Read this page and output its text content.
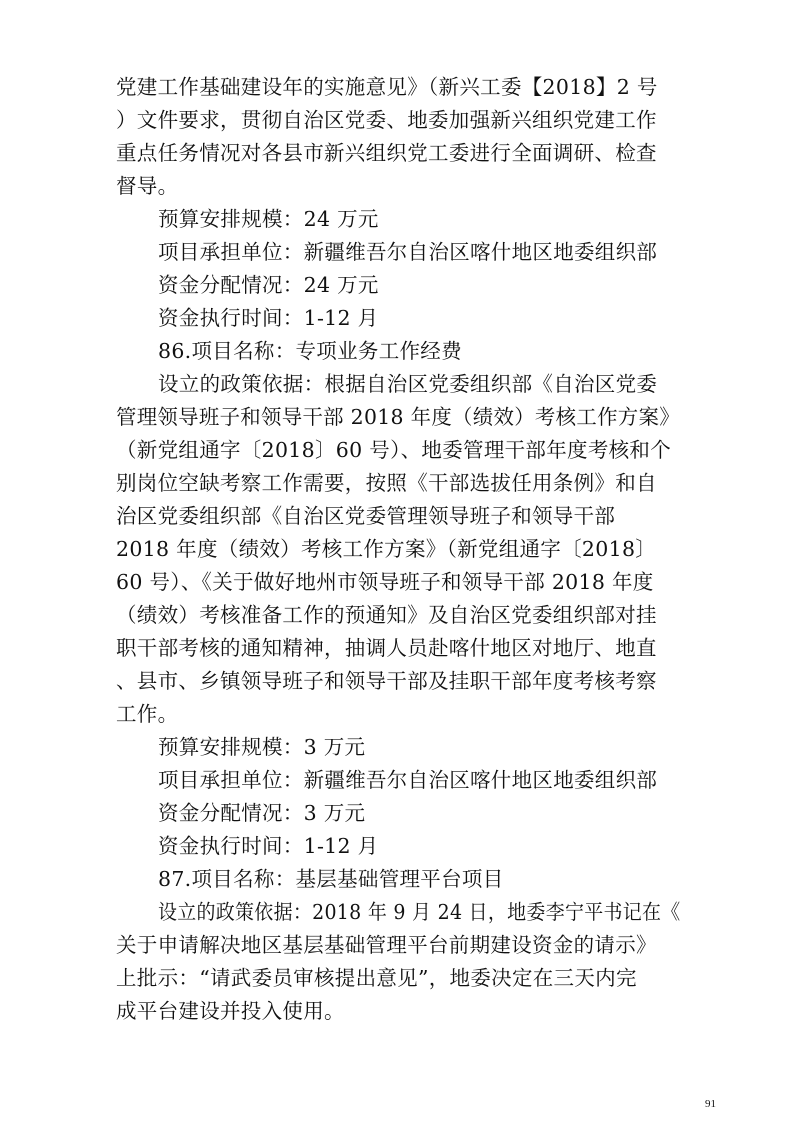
党建工作基础建设年的实施意见》（新兴工委【2018】2 号
）文件要求，贯彻自治区党委、地委加强新兴组织党建工作
重点任务情况对各县市新兴组织党工委进行全面调研、检查
督导。
预算安排规模：24 万元
项目承担单位：新疆维吾尔自治区喀什地区地委组织部
资金分配情况：24 万元
资金执行时间：1-12 月
86.项目名称：专项业务工作经费
设立的政策依据：根据自治区党委组织部《自治区党委
管理领导班子和领导干部 2018 年度（绩效）考核工作方案》
（新党组通字〔2018〕60 号）、地委管理干部年度考核和个
别岗位空缺考察工作需要，按照《干部选拔任用条例》和自
治区党委组织部《自治区党委管理领导班子和领导干部
2018 年度（绩效）考核工作方案》（新党组通字〔2018〕
60 号）、《关于做好地州市领导班子和领导干部 2018 年度
（绩效）考核准备工作的预通知》及自治区党委组织部对挂
职干部考核的通知精神，抽调人员赴喀什地区对地厅、地直
、县市、乡镇领导班子和领导干部及挂职干部年度考核考察
工作。
预算安排规模：3 万元
项目承担单位：新疆维吾尔自治区喀什地区地委组织部
资金分配情况：3 万元
资金执行时间：1-12 月
87.项目名称：基层基础管理平台项目
设立的政策依据：2018 年 9 月 24 日，地委李宁平书记在《
关于申请解决地区基层基础管理平台前期建设资金的请示》
上批示：“请武委员审核提出意见”，地委决定在三天内完
成平台建设并投入使用。
91
